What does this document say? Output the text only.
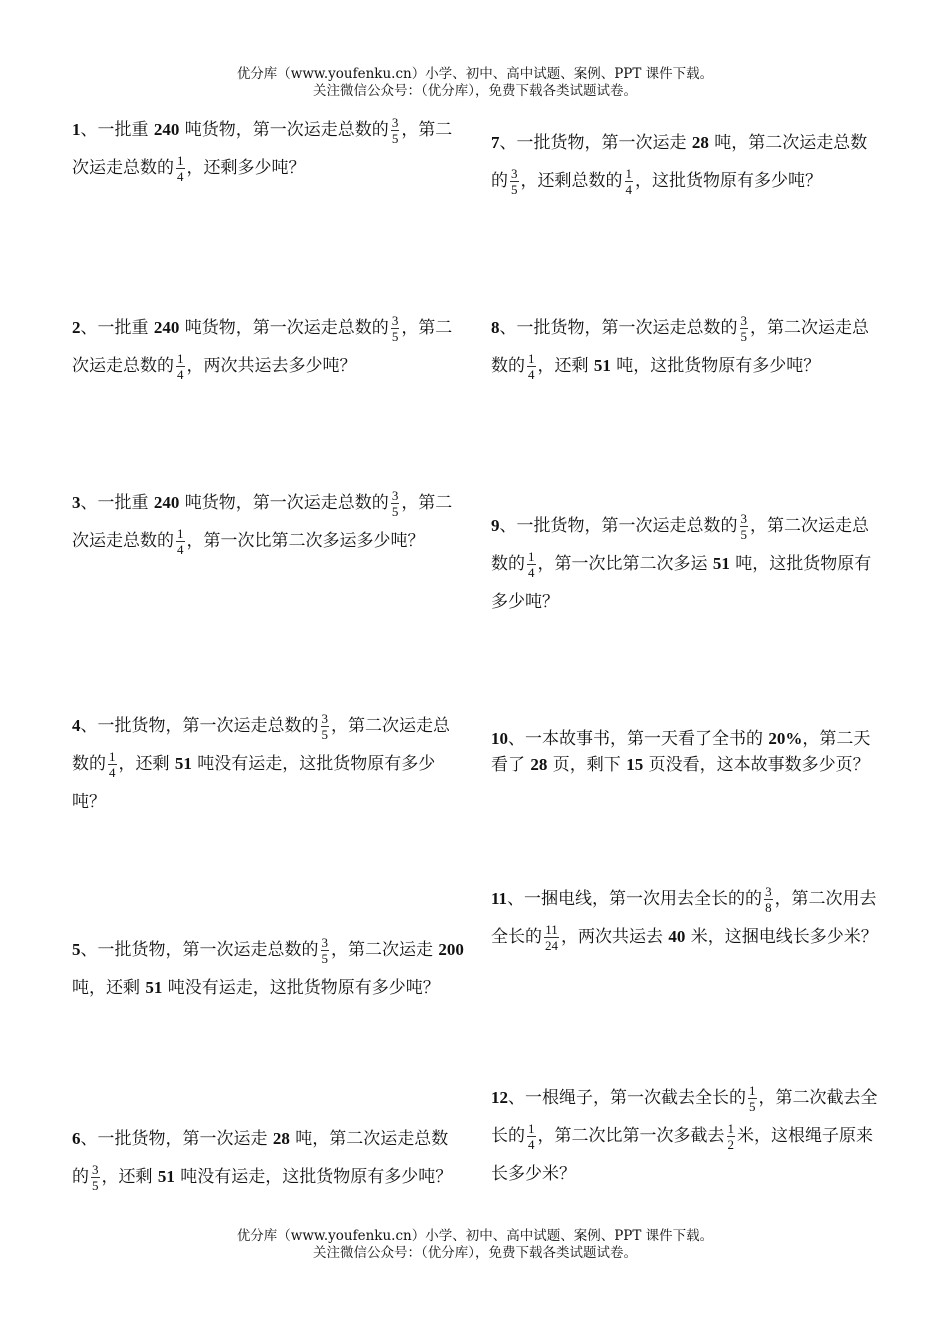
优分库（www.youfenku.cn）小学、初中、高中试题、案例、PPT 课件下载。
关注微信公众号：（优分库），免费下载各类试题试卷。
1、一批重 240 吨货物，第一次运走总数的 $\frac{3}{5}$ ，第二次运走总数的 $\frac{1}{4}$ ，还剩多少吨？
2、一批重 240 吨货物，第一次运走总数的 $\frac{3}{5}$ ，第二次运走总数的 $\frac{1}{4}$ ，两次共运去多少吨？
3、一批重 240 吨货物，第一次运走总数的 $\frac{3}{5}$ ，第二次运走总数的 $\frac{1}{4}$ ，第一次比第二次多运多少吨？
4、一批货物，第一次运走总数的 $\frac{3}{5}$ ，第二次运走总数的 $\frac{1}{4}$ ，还剩 51 吨没有运走，这批货物原有多少吨？
5、一批货物，第一次运走总数的 $\frac{3}{5}$ ，第二次运走 200 吨，还剩 51 吨没有运走，这批货物原有多少吨？
6、一批货物，第一次运走 28 吨，第二次运走总数的 $\frac{3}{5}$ ，还剩 51 吨没有运走，这批货物原有多少吨？
7、一批货物，第一次运走 28 吨，第二次运走总数的 $\frac{3}{5}$ ，还剩总数的 $\frac{1}{4}$ ，这批货物原有多少吨？
8、一批货物，第一次运走总数的 $\frac{3}{5}$ ，第二次运走总数的 $\frac{1}{4}$ ，还剩 51 吨，这批货物原有多少吨？
9、一批货物，第一次运走总数的 $\frac{3}{5}$ ，第二次运走总数的 $\frac{1}{4}$ ，第一次比第二次多运 51 吨，这批货物原有多少吨？
10、一本故事书，第一天看了全书的 20%，第二天看了 28 页，剩下 15 页没看，这本故事数多少页？
11、一捆电线，第一次用去全长的的 $\frac{3}{8}$ ，第二次用去全长的 $\frac{11}{24}$ ，两次共运去 40 米，这捆电线长多少米？
12、一根绳子，第一次截去全长的 $\frac{1}{5}$ ，第二次截去全长的 $\frac{1}{4}$ ，第二次比第一次多截去 $\frac{1}{2}$ 米，这根绳子原来长多少米？
优分库（www.youfenku.cn）小学、初中、高中试题、案例、PPT 课件下载。
关注微信公众号：（优分库），免费下载各类试题试卷。
